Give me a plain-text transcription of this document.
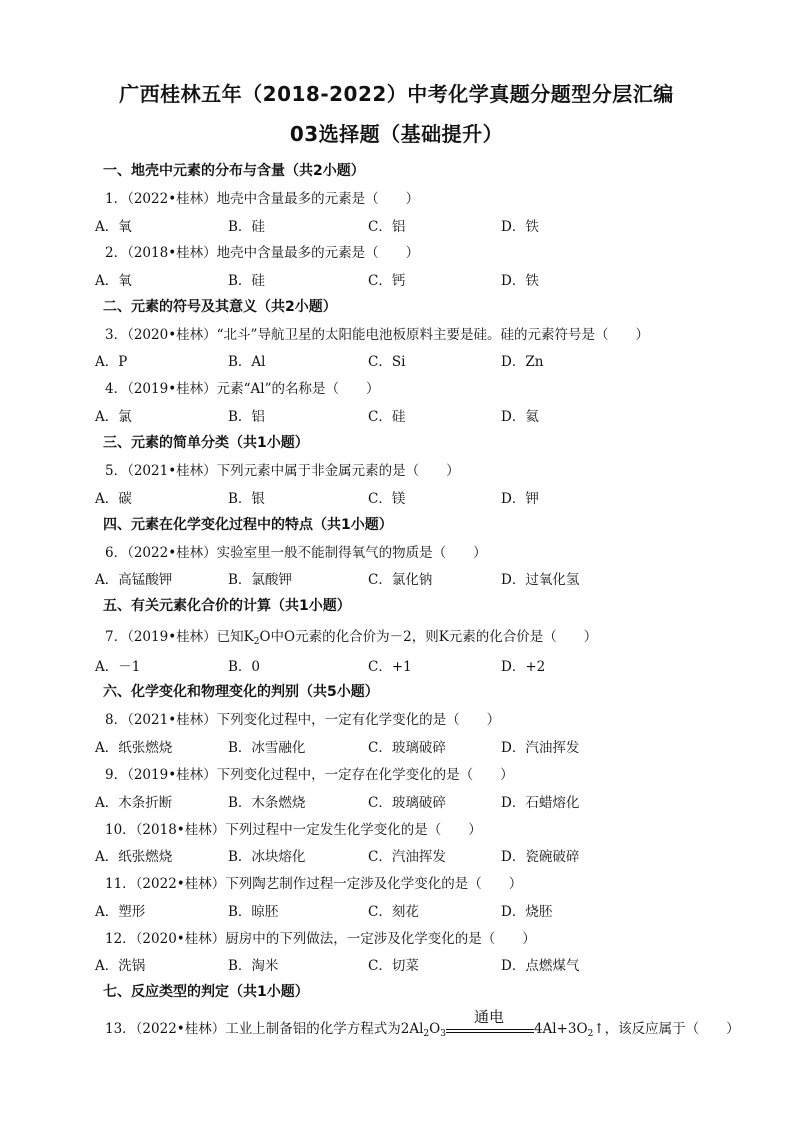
广西桂林五年（2018-2022）中考化学真题分题型分层汇编
03选择题（基础提升）
一、地壳中元素的分布与含量（共2小题）
1．（2022•桂林）地壳中含量最多的元素是（　　）
A．氧	B．硅	C．铝	D．铁
2．（2018•桂林）地壳中含量最多的元素是（　　）
A．氧	B．硅	C．钙	D．铁
二、元素的符号及其意义（共2小题）
3．（2020•桂林）“北斗”导航卫星的太阳能电池板原料主要是硅。硅的元素符号是（　　）
A．P	B．Al	C．Si	D．Zn
4．（2019•桂林）元素“Al”的名称是（　　）
A．氯	B．铝	C．硅	D．氦
三、元素的简单分类（共1小题）
5．（2021•桂林）下列元素中属于非金属元素的是（　　）
A．碳	B．银	C．镁	D．钾
四、元素在化学变化过程中的特点（共1小题）
6．（2022•桂林）实验室里一般不能制得氧气的物质是（　　）
A．高锰酸钾	B．氯酸钾	C．氯化钠	D．过氧化氢
五、有关元素化合价的计算（共1小题）
7．（2019•桂林）已知$K_2O$中O元素的化合价为－2，则K元素的化合价是（　　）
A．－1	B．0	C．+1	D．+2
六、化学变化和物理变化的判别（共5小题）
8．（2021•桂林）下列变化过程中，一定有化学变化的是（　　）
A．纸张燃烧	B．冰雪融化	C．玻璃破碎	D．汽油挥发
9．（2019•桂林）下列变化过程中，一定存在化学变化的是（　　）
A．木条折断	B．木条燃烧	C．玻璃破碎	D．石蜡熔化
10．（2018•桂林）下列过程中一定发生化学变化的是（　　）
A．纸张燃烧	B．冰块熔化	C．汽油挥发	D．瓷碗破碎
11．（2022•桂林）下列陶艺制作过程一定涉及化学变化的是（　　）
A．塑形	B．晾胚	C．刻花	D．烧胚
12．（2020•桂林）厨房中的下列做法，一定涉及化学变化的是（　　）
A．洗锅	B．淘米	C．切菜	D．点燃煤气
七、反应类型的判定（共1小题）
13．（2022•桂林）工业上制备铝的化学方程式为$2Al_2O_3$
通电
$4Al+3O_2↑$，该反应属于（　　）
